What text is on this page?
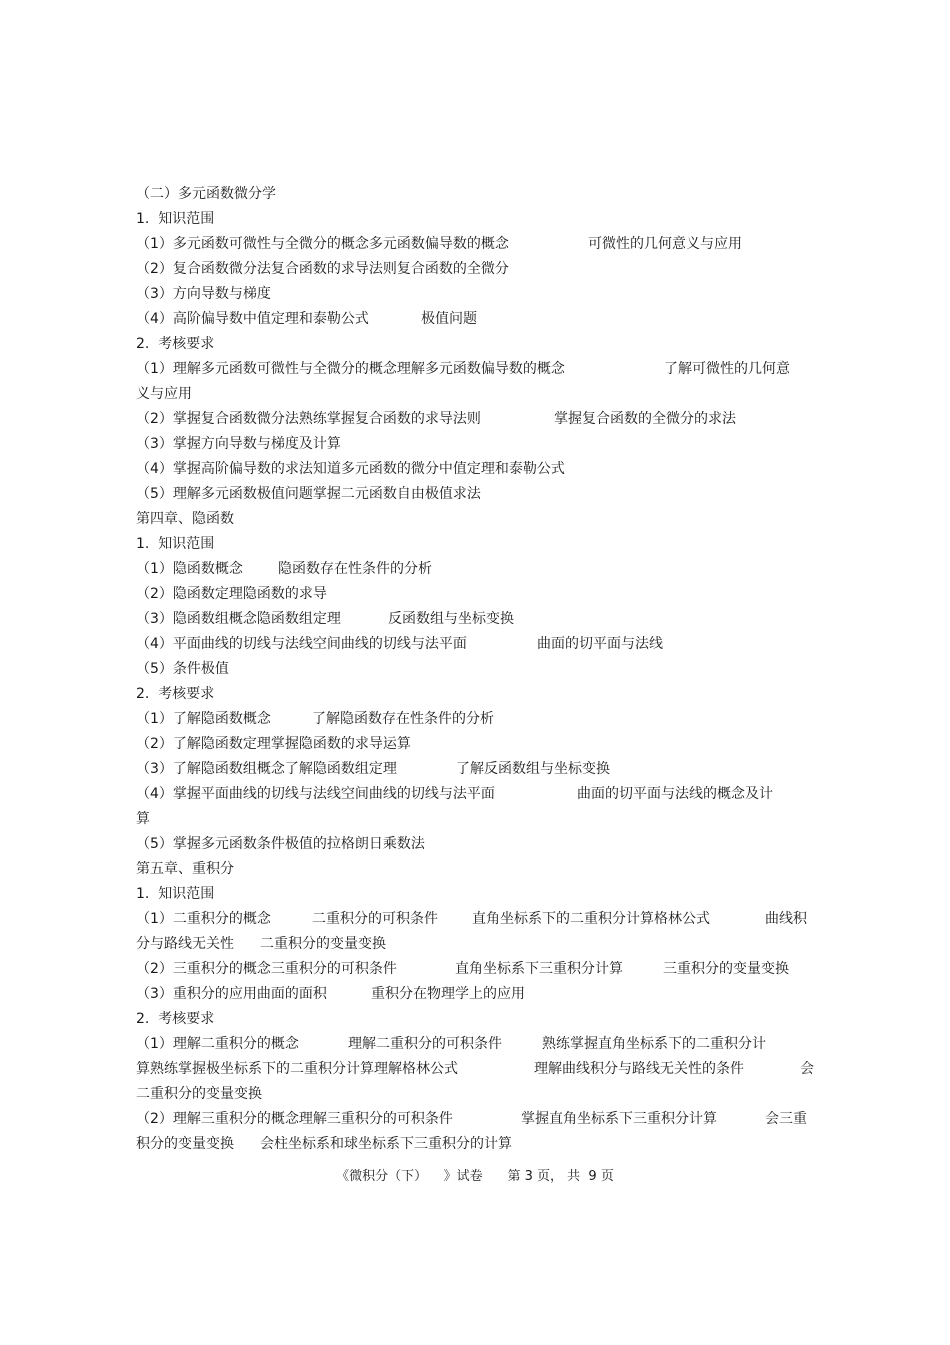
（二）多元函数微分学
1.  知识范围
（1）多元函数可微性与全微分的概念多元函数偏导数的概念	可微性的几何意义与应用
（2）复合函数微分法复合函数的求导法则复合函数的全微分
（3）方向导数与梯度
（4）高阶偏导数中值定理和泰勒公式	极值问题
2.  考核要求
（1）理解多元函数可微性与全微分的概念理解多元函数偏导数的概念	了解可微性的几何意
义与应用
（2）掌握复合函数微分法熟练掌握复合函数的求导法则	掌握复合函数的全微分的求法
（3）掌握方向导数与梯度及计算
（4）掌握高阶偏导数的求法知道多元函数的微分中值定理和泰勒公式
（5）理解多元函数极值问题掌握二元函数自由极值求法
第四章、隐函数
1.  知识范围
（1）隐函数概念	隐函数存在性条件的分析
（2）隐函数定理隐函数的求导
（3）隐函数组概念隐函数组定理	反函数组与坐标变换
（4）平面曲线的切线与法线空间曲线的切线与法平面	曲面的切平面与法线
（5）条件极值
2.  考核要求
（1）了解隐函数概念	了解隐函数存在性条件的分析
（2）了解隐函数定理掌握隐函数的求导运算
（3）了解隐函数组概念了解隐函数组定理	了解反函数组与坐标变换
（4）掌握平面曲线的切线与法线空间曲线的切线与法平面	曲面的切平面与法线的概念及计
算
（5）掌握多元函数条件极值的拉格朗日乘数法
第五章、重积分
1.  知识范围
（1）二重积分的概念	二重积分的可积条件 直角坐标系下的二重积分计算格林公式	曲线积
分与路线无关性 二重积分的变量变换
（2）三重积分的概念三重积分的可积条件	直角坐标系下三重积分计算	三重积分的变量变换
（3）重积分的应用曲面的面积	重积分在物理学上的应用
2.  考核要求
（1）理解二重积分的概念	理解二重积分的可积条件	熟练掌握直角坐标系下的二重积分计
算熟练掌握极坐标系下的二重积分计算理解格林公式	理解曲线积分与路线无关性的条件	会
二重积分的变量变换
（2）理解三重积分的概念理解三重积分的可积条件	掌握直角坐标系下三重积分计算	会三重
积分的变量变换 会柱坐标系和球坐标系下三重积分的计算
《微积分（下）    》试卷      第 3 页， 共  9 页
